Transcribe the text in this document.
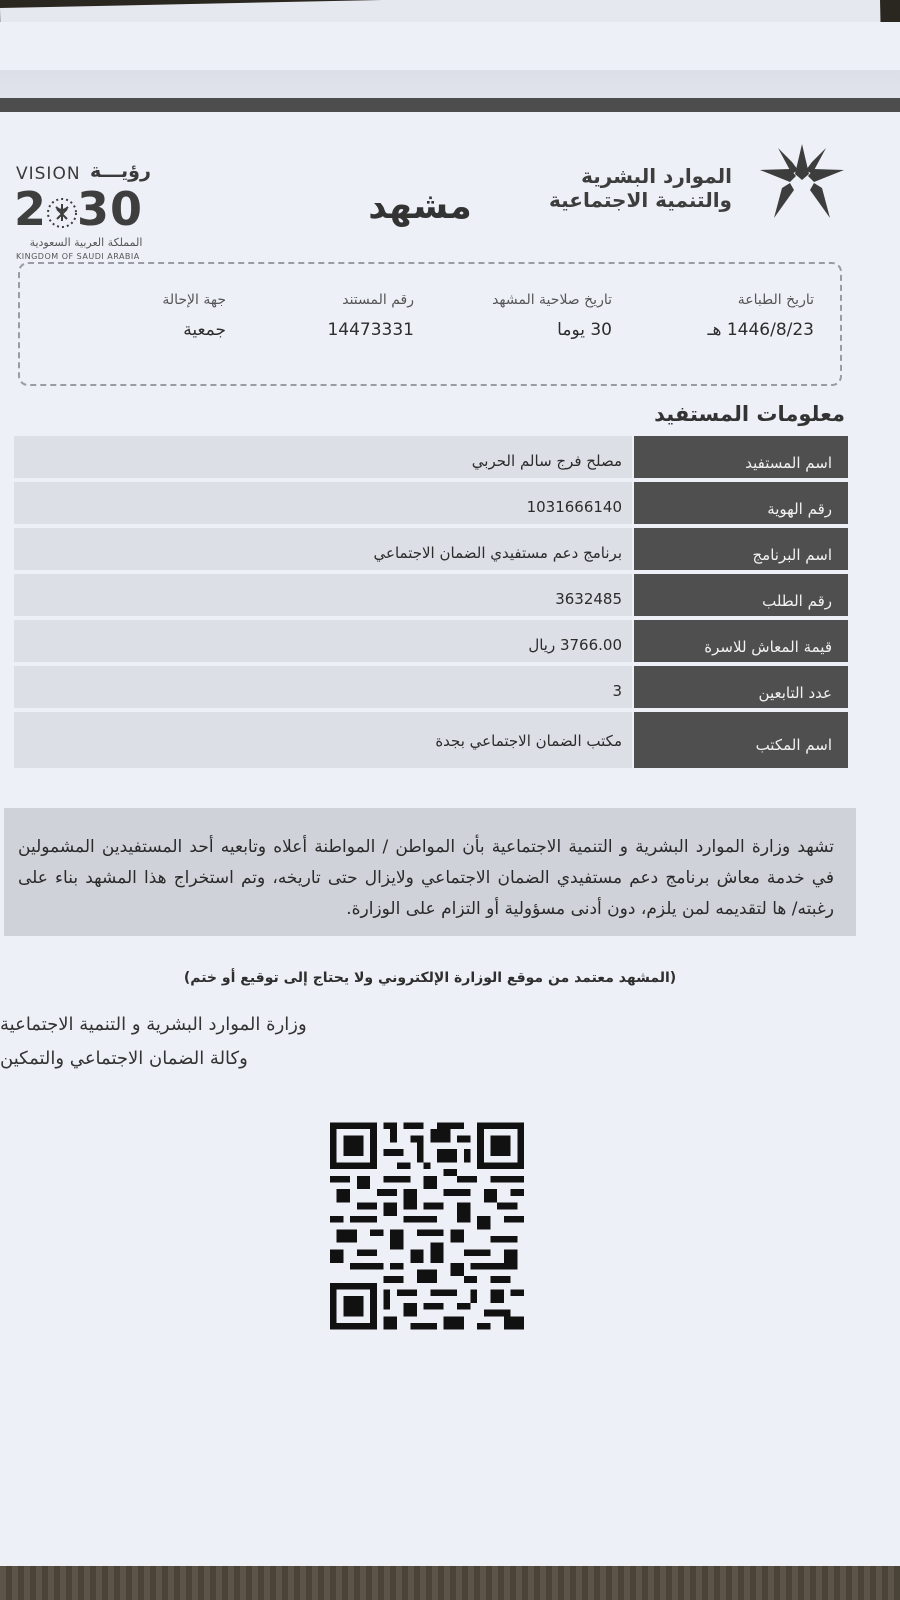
VISION رؤيـــة
2 30
المملكة العربية السعودية
KINGDOM OF SAUDI ARABIA
مشهد
الموارد البشرية
والتنمية الاجتماعية
تاريخ الطباعة
1446/8/23 هـ
تاريخ صلاحية المشهد
30 يوما
رقم المستند
14473331
جهة الإحالة
جمعية
معلومات المستفيد
اسم المستفيد
مصلح فرج سالم الحربي
رقم الهوية
1031666140
اسم البرنامج
برنامج دعم مستفيدي الضمان الاجتماعي
رقم الطلب
3632485
قيمة المعاش للاسرة
3766.00 ريال
عدد التابعين
3
اسم المكتب
مكتب الضمان الاجتماعي بجدة
تشهد وزارة الموارد البشرية و التنمية الاجتماعية بأن المواطن / المواطنة أعلاه وتابعيه أحد المستفيدين المشمولين في خدمة معاش برنامج دعم مستفيدي الضمان الاجتماعي ولايزال حتى تاريخه، وتم استخراج هذا المشهد بناء على رغبته/ ها لتقديمه لمن يلزم، دون أدنى مسؤولية أو التزام على الوزارة.
(المشهد معتمد من موقع الوزارة الإلكتروني ولا يحتاج إلى توقيع أو ختم)
وزارة الموارد البشرية و التنمية الاجتماعية
وكالة الضمان الاجتماعي والتمكين
